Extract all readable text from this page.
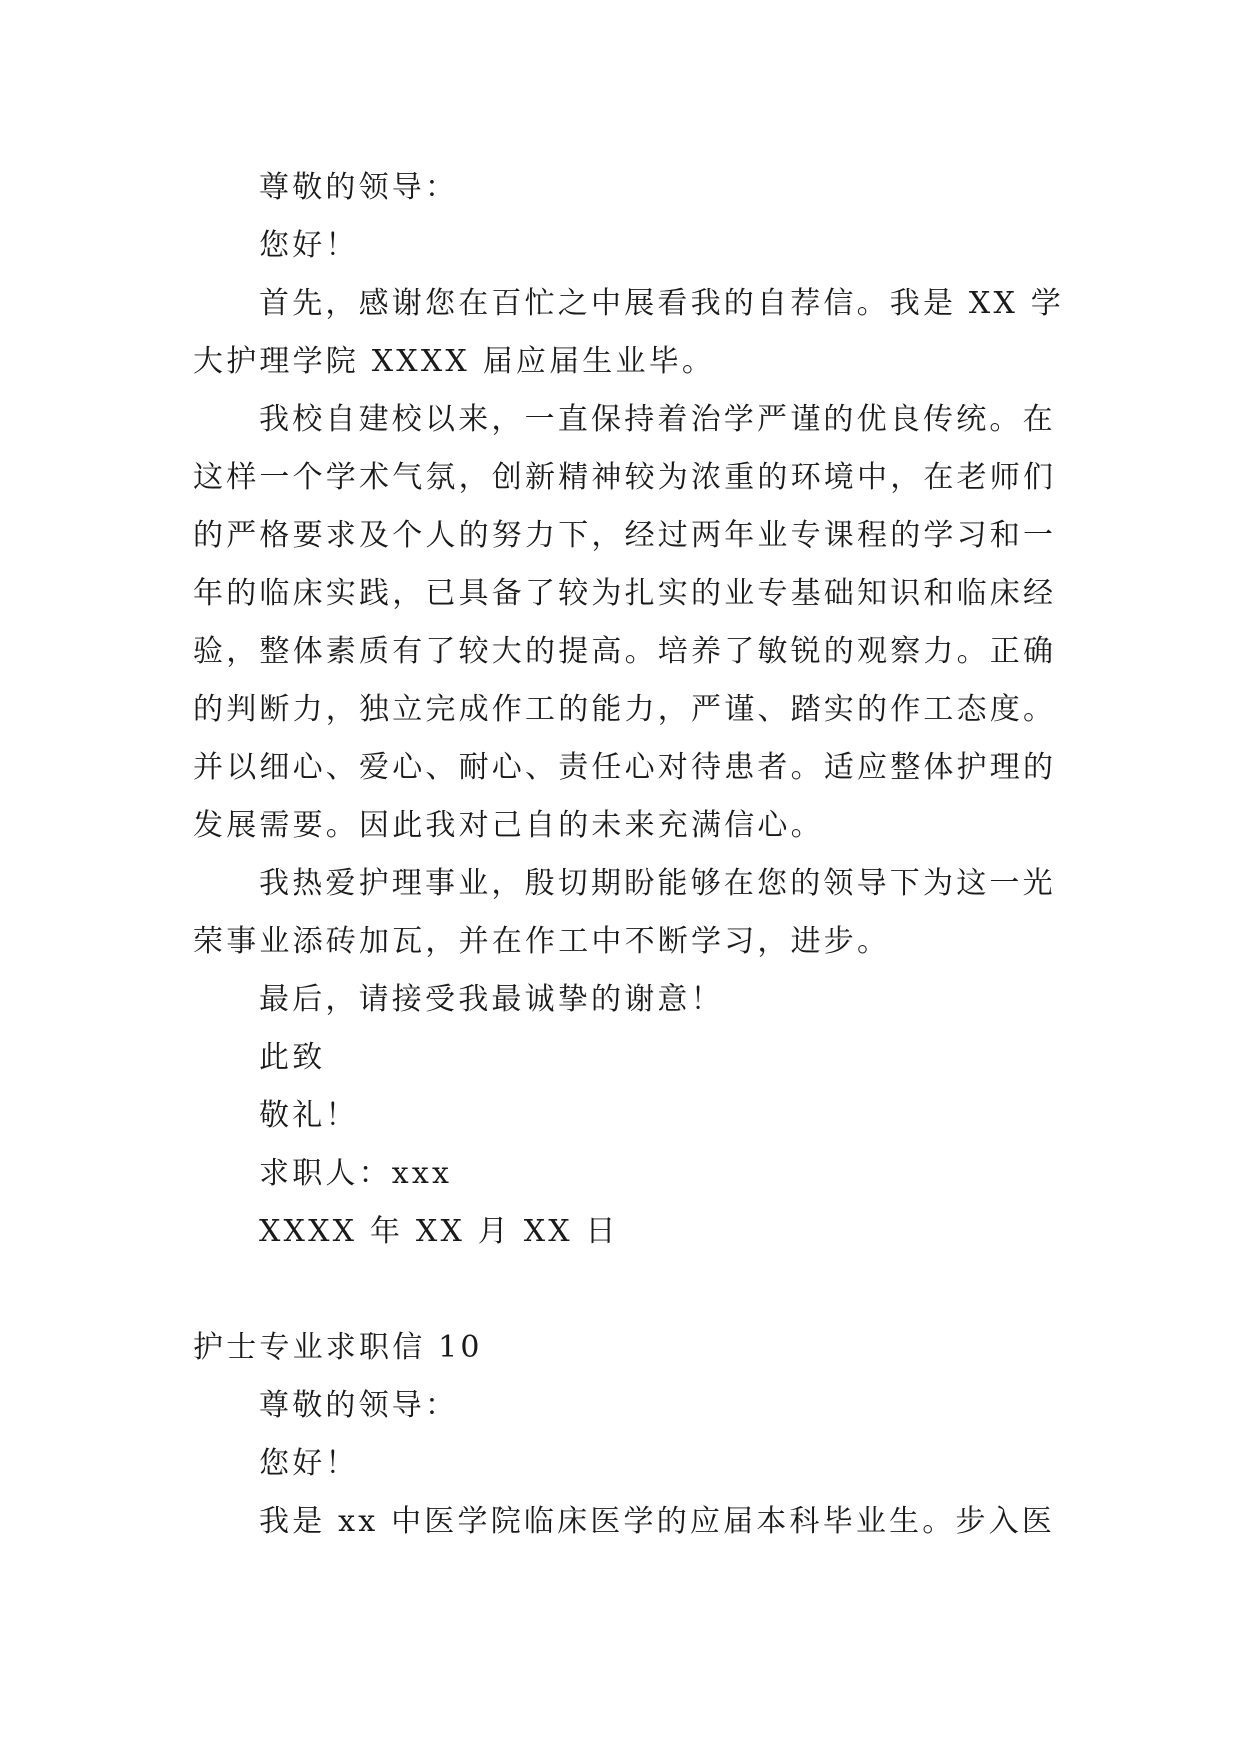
尊敬的领导：

您好！

首先，感谢您在百忙之中展看我的自荐信。我是 XX 学

大护理学院 XXXX 届应届生业毕。

我校自建校以来，一直保持着治学严谨的优良传统。在

这样一个学术气氛，创新精神较为浓重的环境中，在老师们

的严格要求及个人的努力下，经过两年业专课程的学习和一

年的临床实践，已具备了较为扎实的业专基础知识和临床经

验，整体素质有了较大的提高。培养了敏锐的观察力。正确

的判断力，独立完成作工的能力，严谨、踏实的作工态度。

并以细心、爱心、耐心、责任心对待患者。适应整体护理的

发展需要。因此我对己自的未来充满信心。

我热爱护理事业，殷切期盼能够在您的领导下为这一光

荣事业添砖加瓦，并在作工中不断学习，进步。

最后，请接受我最诚挚的谢意！

此致

敬礼！

求职人：xxx

XXXX 年 XX 月 XX 日

护士专业求职信 10

尊敬的领导：

您好！

我是 xx 中医学院临床医学的应届本科毕业生。步入医
